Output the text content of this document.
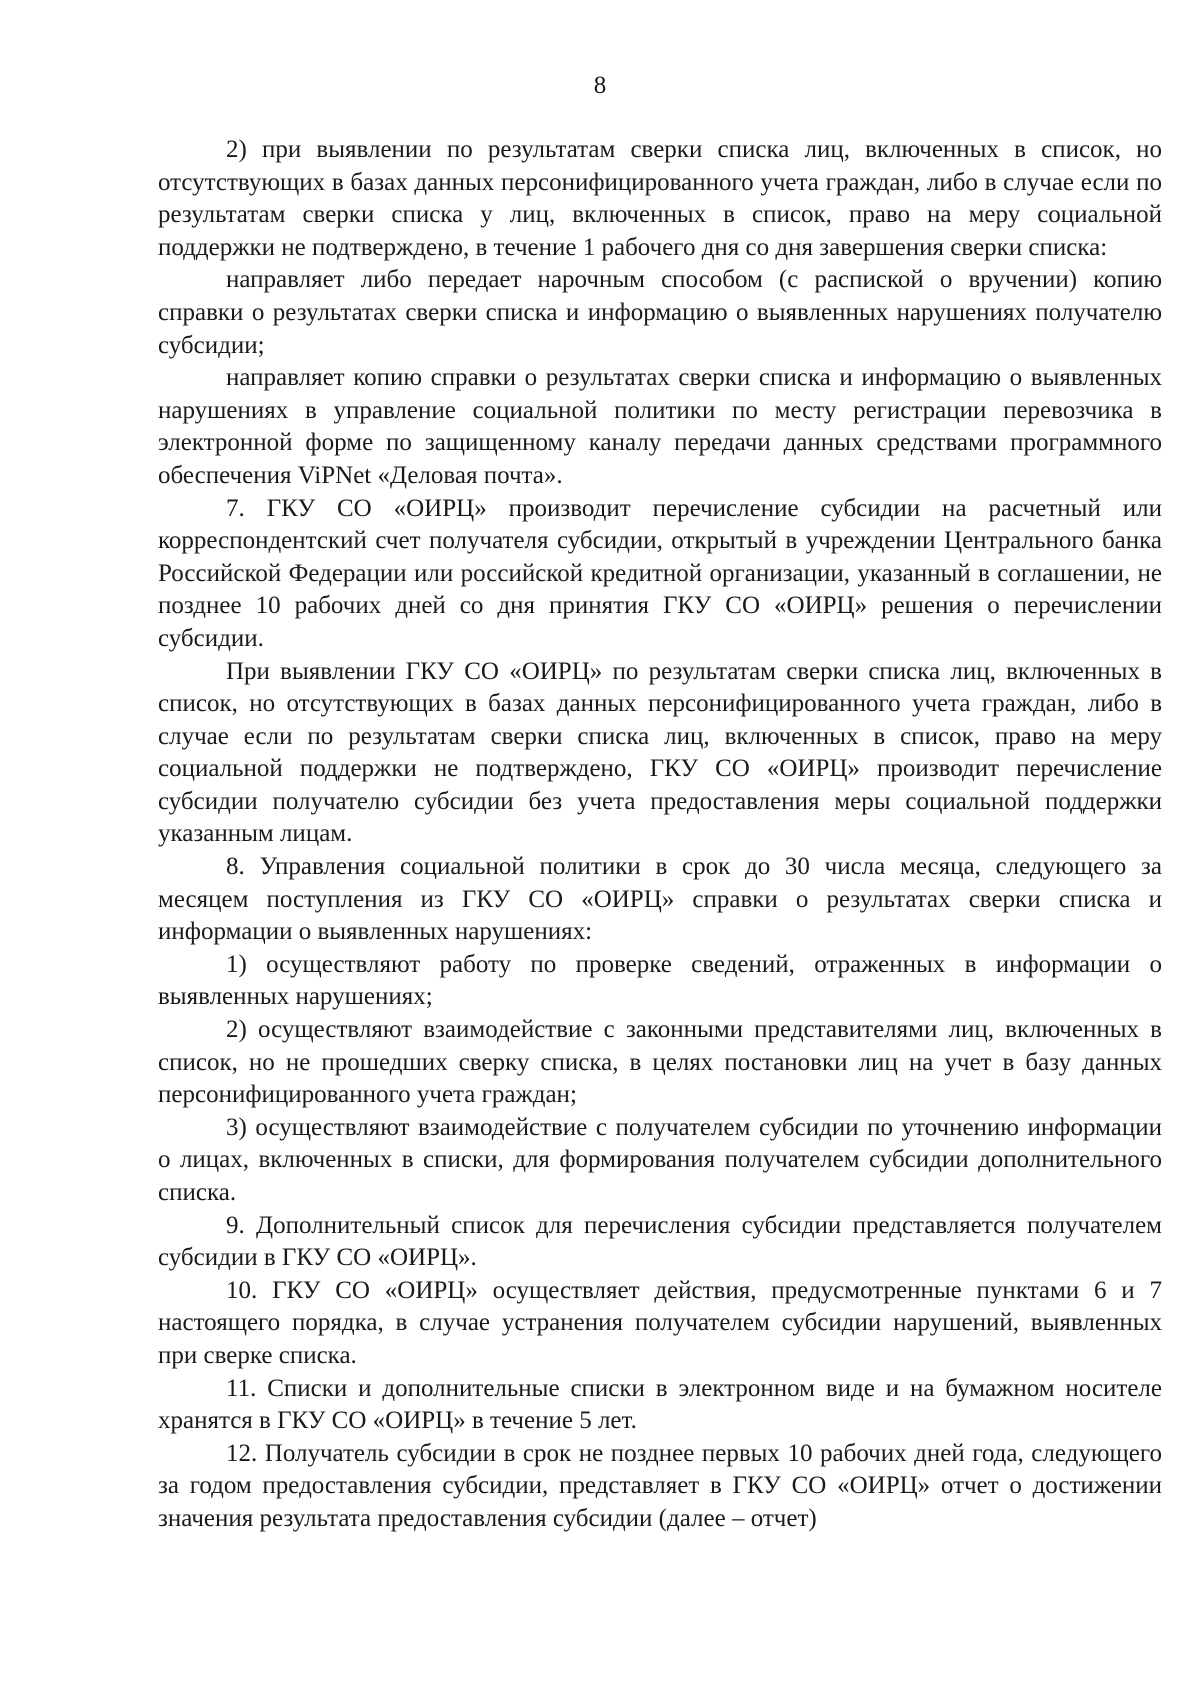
8

2) при выявлении по результатам сверки списка лиц, включенных в список, но отсутствующих в базах данных персонифицированного учета граждан, либо в случае если по результатам сверки списка у лиц, включенных в список, право на меру социальной поддержки не подтверждено, в течение 1 рабочего дня со дня завершения сверки списка:

направляет либо передает нарочным способом (с распиской о вручении) копию справки о результатах сверки списка и информацию о выявленных нарушениях получателю субсидии;

направляет копию справки о результатах сверки списка и информацию о выявленных нарушениях в управление социальной политики по месту регистрации перевозчика в электронной форме по защищенному каналу передачи данных средствами программного обеспечения ViPNet «Деловая почта».

7. ГКУ СО «ОИРЦ» производит перечисление субсидии на расчетный или корреспондентский счет получателя субсидии, открытый в учреждении Центрального банка Российской Федерации или российской кредитной организации, указанный в соглашении, не позднее 10 рабочих дней со дня принятия ГКУ СО «ОИРЦ» решения о перечислении субсидии.

При выявлении ГКУ СО «ОИРЦ» по результатам сверки списка лиц, включенных в список, но отсутствующих в базах данных персонифицированного учета граждан, либо в случае если по результатам сверки списка лиц, включенных в список, право на меру социальной поддержки не подтверждено, ГКУ СО «ОИРЦ» производит перечисление субсидии получателю субсидии без учета предоставления меры социальной поддержки указанным лицам.

8. Управления социальной политики в срок до 30 числа месяца, следующего за месяцем поступления из ГКУ СО «ОИРЦ» справки о результатах сверки списка и информации о выявленных нарушениях:

1) осуществляют работу по проверке сведений, отраженных в информации о выявленных нарушениях;

2) осуществляют взаимодействие с законными представителями лиц, включенных в список, но не прошедших сверку списка, в целях постановки лиц на учет в базу данных персонифицированного учета граждан;

3) осуществляют взаимодействие с получателем субсидии по уточнению информации о лицах, включенных в списки, для формирования получателем субсидии дополнительного списка.

9. Дополнительный список для перечисления субсидии представляется получателем субсидии в ГКУ СО «ОИРЦ».

10. ГКУ СО «ОИРЦ» осуществляет действия, предусмотренные пунктами 6 и 7 настоящего порядка, в случае устранения получателем субсидии нарушений, выявленных при сверке списка.

11. Списки и дополнительные списки в электронном виде и на бумажном носителе хранятся в ГКУ СО «ОИРЦ» в течение 5 лет.

12. Получатель субсидии в срок не позднее первых 10 рабочих дней года, следующего за годом предоставления субсидии, представляет в ГКУ СО «ОИРЦ» отчет о достижении значения результата предоставления субсидии (далее – отчет)
